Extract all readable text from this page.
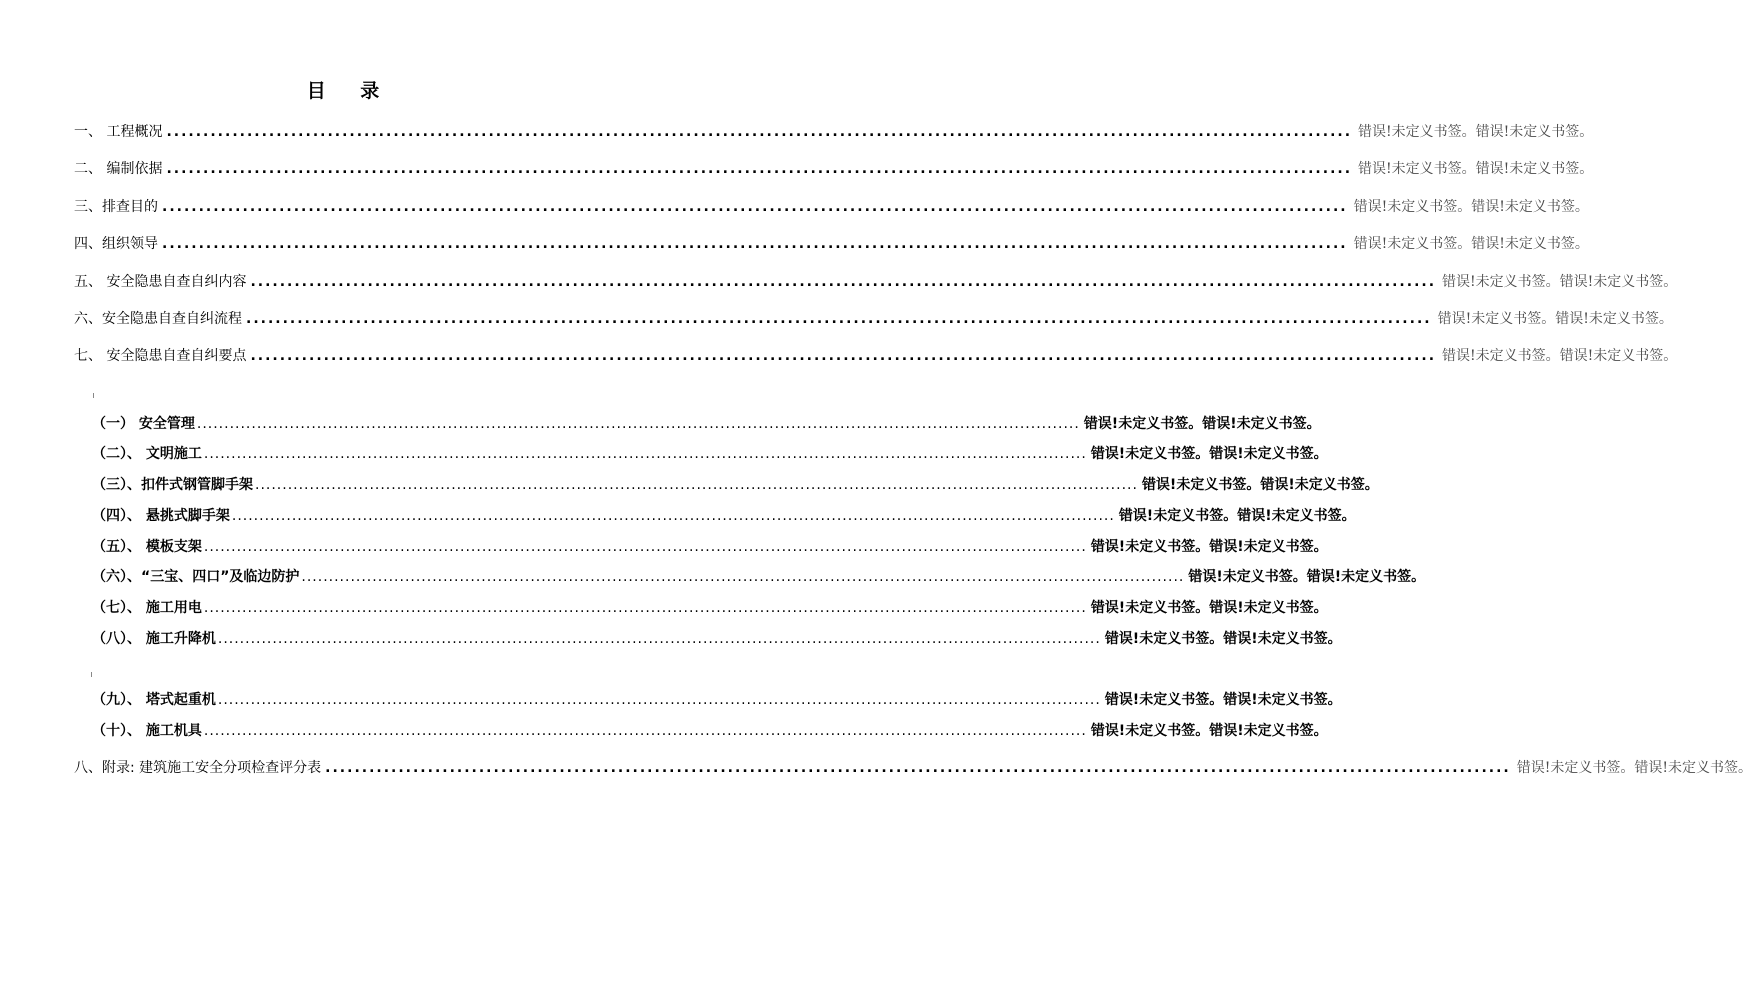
目 录
一、 工程概况 .................................................................................................................................................................. 错误!未定义书签。错误!未定义书签。
二、 编制依据 .................................................................................................................................................................. 错误!未定义书签。错误!未定义书签。
三、排查目的 .................................................................................................................................................................. 错误!未定义书签。错误!未定义书签。
四、组织领导 .................................................................................................................................................................. 错误!未定义书签。错误!未定义书签。
五、 安全隐患自查自纠内容 .................................................................................................................................................................. 错误!未定义书签。错误!未定义书签。
六、安全隐患自查自纠流程 .................................................................................................................................................................. 错误!未定义书签。错误!未定义书签。
七、 安全隐患自查自纠要点 .................................................................................................................................................................. 错误!未定义书签。错误!未定义书签。
（一） 安全管理 .................................................................................................................................................................. 错误!未定义书签。错误!未定义书签。
（二）、 文明施工 .................................................................................................................................................................. 错误!未定义书签。错误!未定义书签。
（三）、扣件式钢管脚手架 .................................................................................................................................................................. 错误!未定义书签。错误!未定义书签。
（四）、 悬挑式脚手架 .................................................................................................................................................................. 错误!未定义书签。错误!未定义书签。
（五）、 模板支架 .................................................................................................................................................................. 错误!未定义书签。错误!未定义书签。
（六）、“三宝、四口”及临边防护 .................................................................................................................................................................. 错误!未定义书签。错误!未定义书签。
（七）、 施工用电 .................................................................................................................................................................. 错误!未定义书签。错误!未定义书签。
（八）、 施工升降机 .................................................................................................................................................................. 错误!未定义书签。错误!未定义书签。
（九）、 塔式起重机 .................................................................................................................................................................. 错误!未定义书签。错误!未定义书签。
（十）、 施工机具 .................................................................................................................................................................. 错误!未定义书签。错误!未定义书签。
八、附录: 建筑施工安全分项检查评分表 .................................................................................................................................................................. 错误!未定义书签。错误!未定义书签。
